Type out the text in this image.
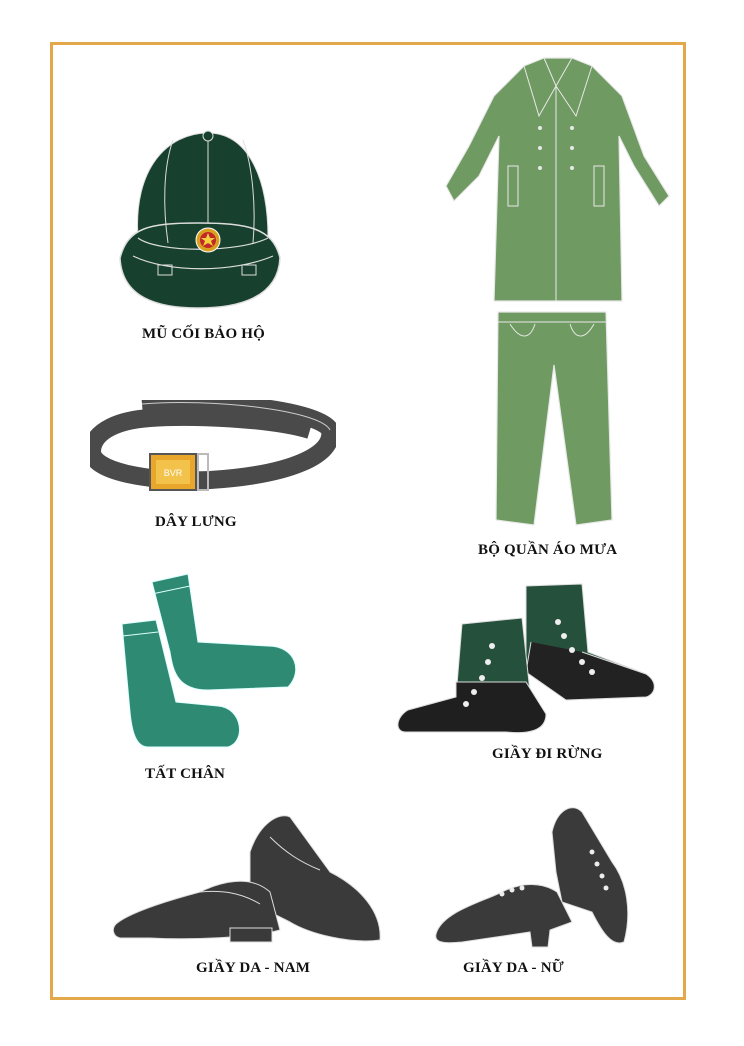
MŨ CỐI BẢO HỘ
BỘ QUẦN ÁO MƯA
BVR
DÂY LƯNG
TẤT CHÂN
GIẦY ĐI RỪNG
GIẦY DA - NAM	GIẦY DA - NỮ
